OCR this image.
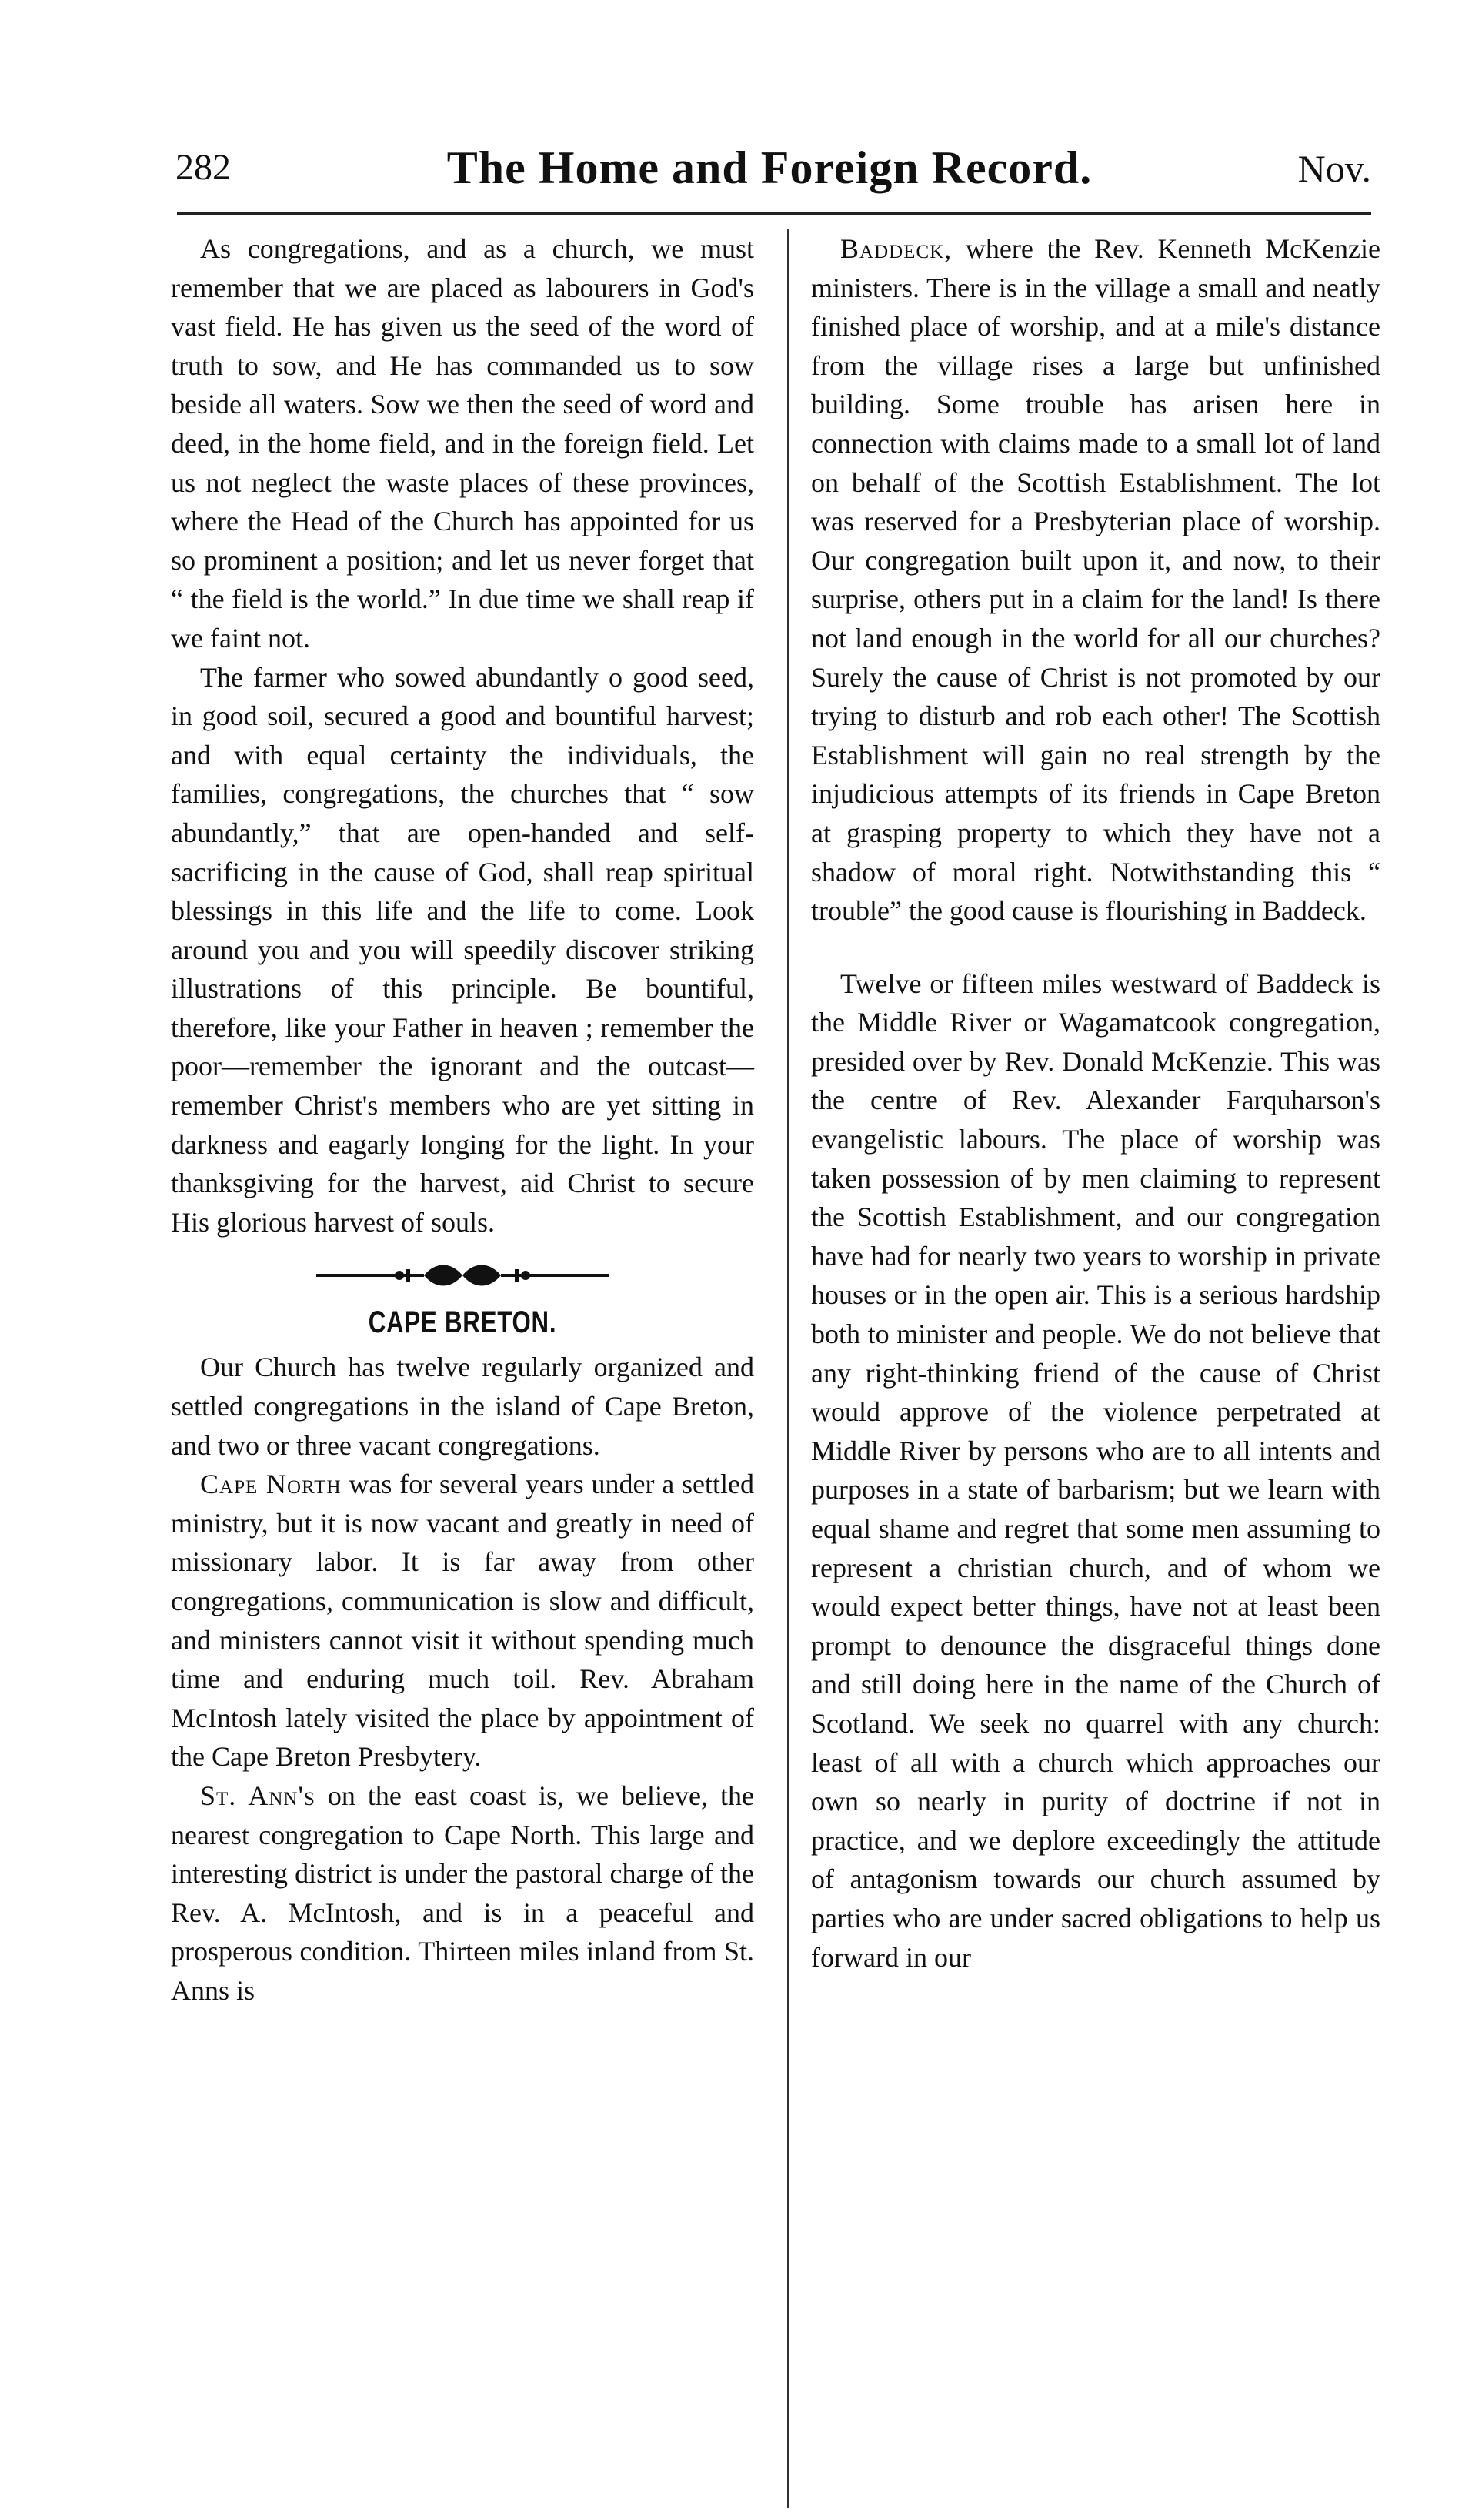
282	The Home and Foreign Record.	Nov.

As congregations, and as a church, we must remember that we are placed as labourers in God's vast field. He has given us the seed of the word of truth to sow, and He has commanded us to sow beside all waters. Sow we then the seed of word and deed, in the home field, and in the foreign field. Let us not neglect the waste places of these provinces, where the Head of the Church has appointed for us so prominent a position; and let us never forget that “ the field is the world.” In due time we shall reap if we faint not.

The farmer who sowed abundantly o good seed, in good soil, secured a good and bountiful harvest; and with equal certainty the individuals, the families, congregations, the churches that “ sow abundantly,” that are open-handed and self-sacrificing in the cause of God, shall reap spiritual blessings in this life and the life to come. Look around you and you will speedily discover striking illustrations of this principle. Be bountiful, therefore, like your Father in heaven ; remember the poor—remember the ignorant and the outcast—remember Christ's members who are yet sitting in darkness and eagarly longing for the light. In your thanksgiving for the harvest, aid Christ to secure His glorious harvest of souls.

CAPE BRETON.

Our Church has twelve regularly organized and settled congregations in the island of Cape Breton, and two or three vacant congregations.

Cape North was for several years under a settled ministry, but it is now vacant and greatly in need of missionary labor. It is far away from other congregations, communication is slow and difficult, and ministers cannot visit it without spending much time and enduring much toil. Rev. Abraham McIntosh lately visited the place by appointment of the Cape Breton Presbytery.

St. Ann's on the east coast is, we believe, the nearest congregation to Cape North. This large and interesting district is under the pastoral charge of the Rev. A. McIntosh, and is in a peaceful and prosperous condition. Thirteen miles inland from St. Anns is

Baddeck, where the Rev. Kenneth McKenzie ministers. There is in the village a small and neatly finished place of worship, and at a mile's distance from the village rises a large but unfinished building. Some trouble has arisen here in connection with claims made to a small lot of land on behalf of the Scottish Establishment. The lot was reserved for a Presbyterian place of worship. Our congregation built upon it, and now, to their surprise, others put in a claim for the land! Is there not land enough in the world for all our churches? Surely the cause of Christ is not promoted by our trying to disturb and rob each other! The Scottish Establishment will gain no real strength by the injudicious attempts of its friends in Cape Breton at grasping property to which they have not a shadow of moral right. Notwithstanding this “ trouble” the good cause is flourishing in Baddeck.

Twelve or fifteen miles westward of Baddeck is the Middle River or Wagamatcook congregation, presided over by Rev. Donald McKenzie. This was the centre of Rev. Alexander Farquharson's evangelistic labours. The place of worship was taken possession of by men claiming to represent the Scottish Establishment, and our congregation have had for nearly two years to worship in private houses or in the open air. This is a serious hardship both to minister and people. We do not believe that any right-thinking friend of the cause of Christ would approve of the violence perpetrated at Middle River by persons who are to all intents and purposes in a state of barbarism; but we learn with equal shame and regret that some men assuming to represent a christian church, and of whom we would expect better things, have not at least been prompt to denounce the disgraceful things done and still doing here in the name of the Church of Scotland. We seek no quarrel with any church: least of all with a church which approaches our own so nearly in purity of doctrine if not in practice, and we deplore exceedingly the attitude of antagonism towards our church assumed by parties who are under sacred obligations to help us forward in our
